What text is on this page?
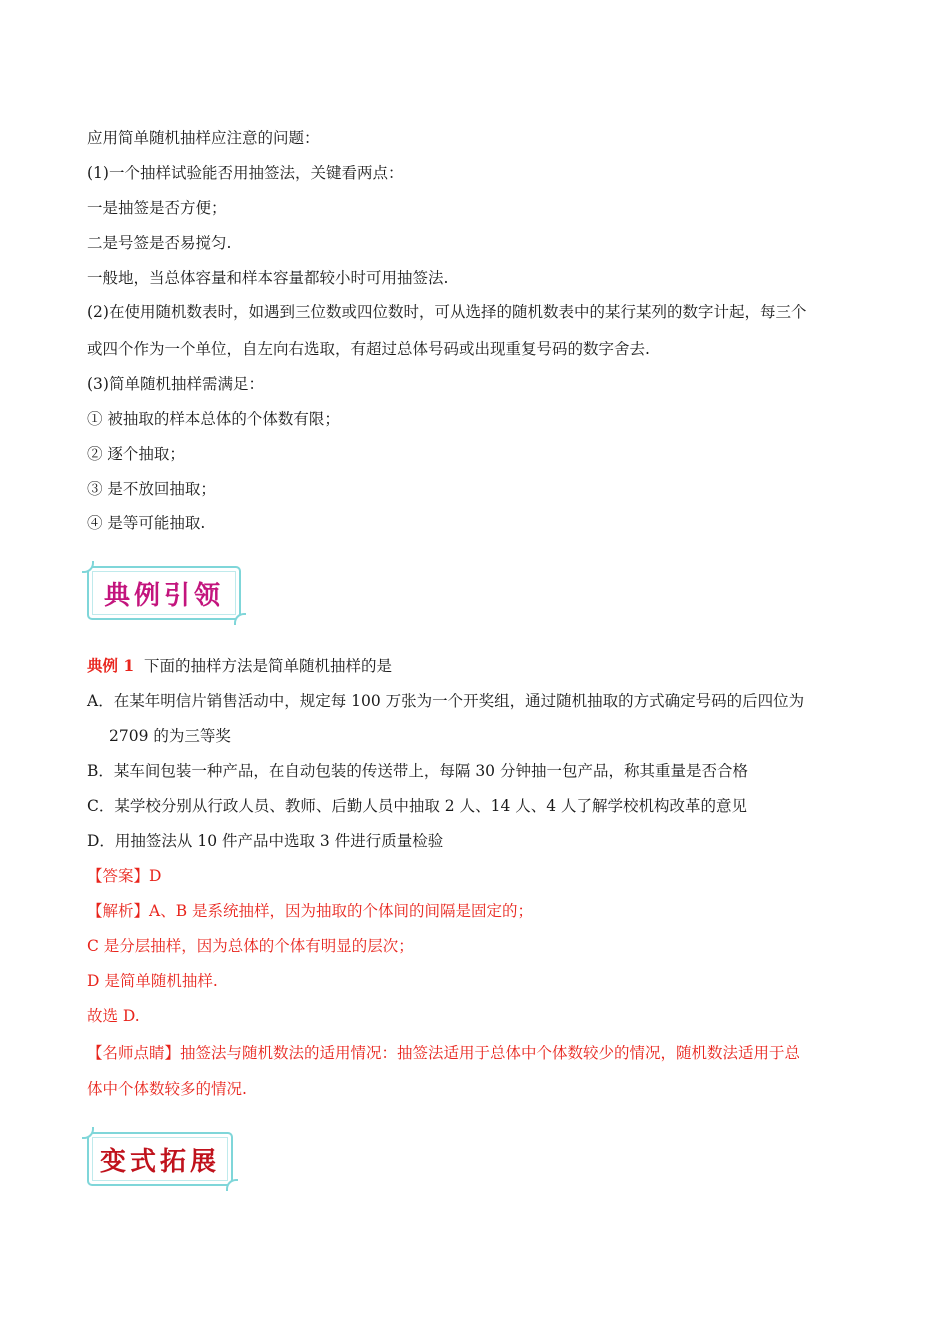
应用简单随机抽样应注意的问题：
(1)一个抽样试验能否用抽签法，关键看两点：
一是抽签是否方便；
二是号签是否易搅匀.
一般地，当总体容量和样本容量都较小时可用抽签法.
(2)在使用随机数表时，如遇到三位数或四位数时，可从选择的随机数表中的某行某列的数字计起，每三个
或四个作为一个单位，自左向右选取，有超过总体号码或出现重复号码的数字舍去.
(3)简单随机抽样需满足：
① 被抽取的样本总体的个体数有限；
② 逐个抽取；
③ 是不放回抽取；
④ 是等可能抽取.
典例引领
典例 1 下面的抽样方法是简单随机抽样的是
A．在某年明信片销售活动中，规定每 100 万张为一个开奖组，通过随机抽取的方式确定号码的后四位为
2709 的为三等奖
B．某车间包装一种产品，在自动包装的传送带上，每隔 30 分钟抽一包产品，称其重量是否合格
C．某学校分别从行政人员、教师、后勤人员中抽取 2 人、14 人、4 人了解学校机构改革的意见
D．用抽签法从 10 件产品中选取 3 件进行质量检验
【答案】D
【解析】A、B 是系统抽样，因为抽取的个体间的间隔是固定的；
C 是分层抽样，因为总体的个体有明显的层次；
D 是简单随机抽样.
故选 D.
【名师点睛】抽签法与随机数法的适用情况：抽签法适用于总体中个体数较少的情况，随机数法适用于总
体中个体数较多的情况.
变式拓展
